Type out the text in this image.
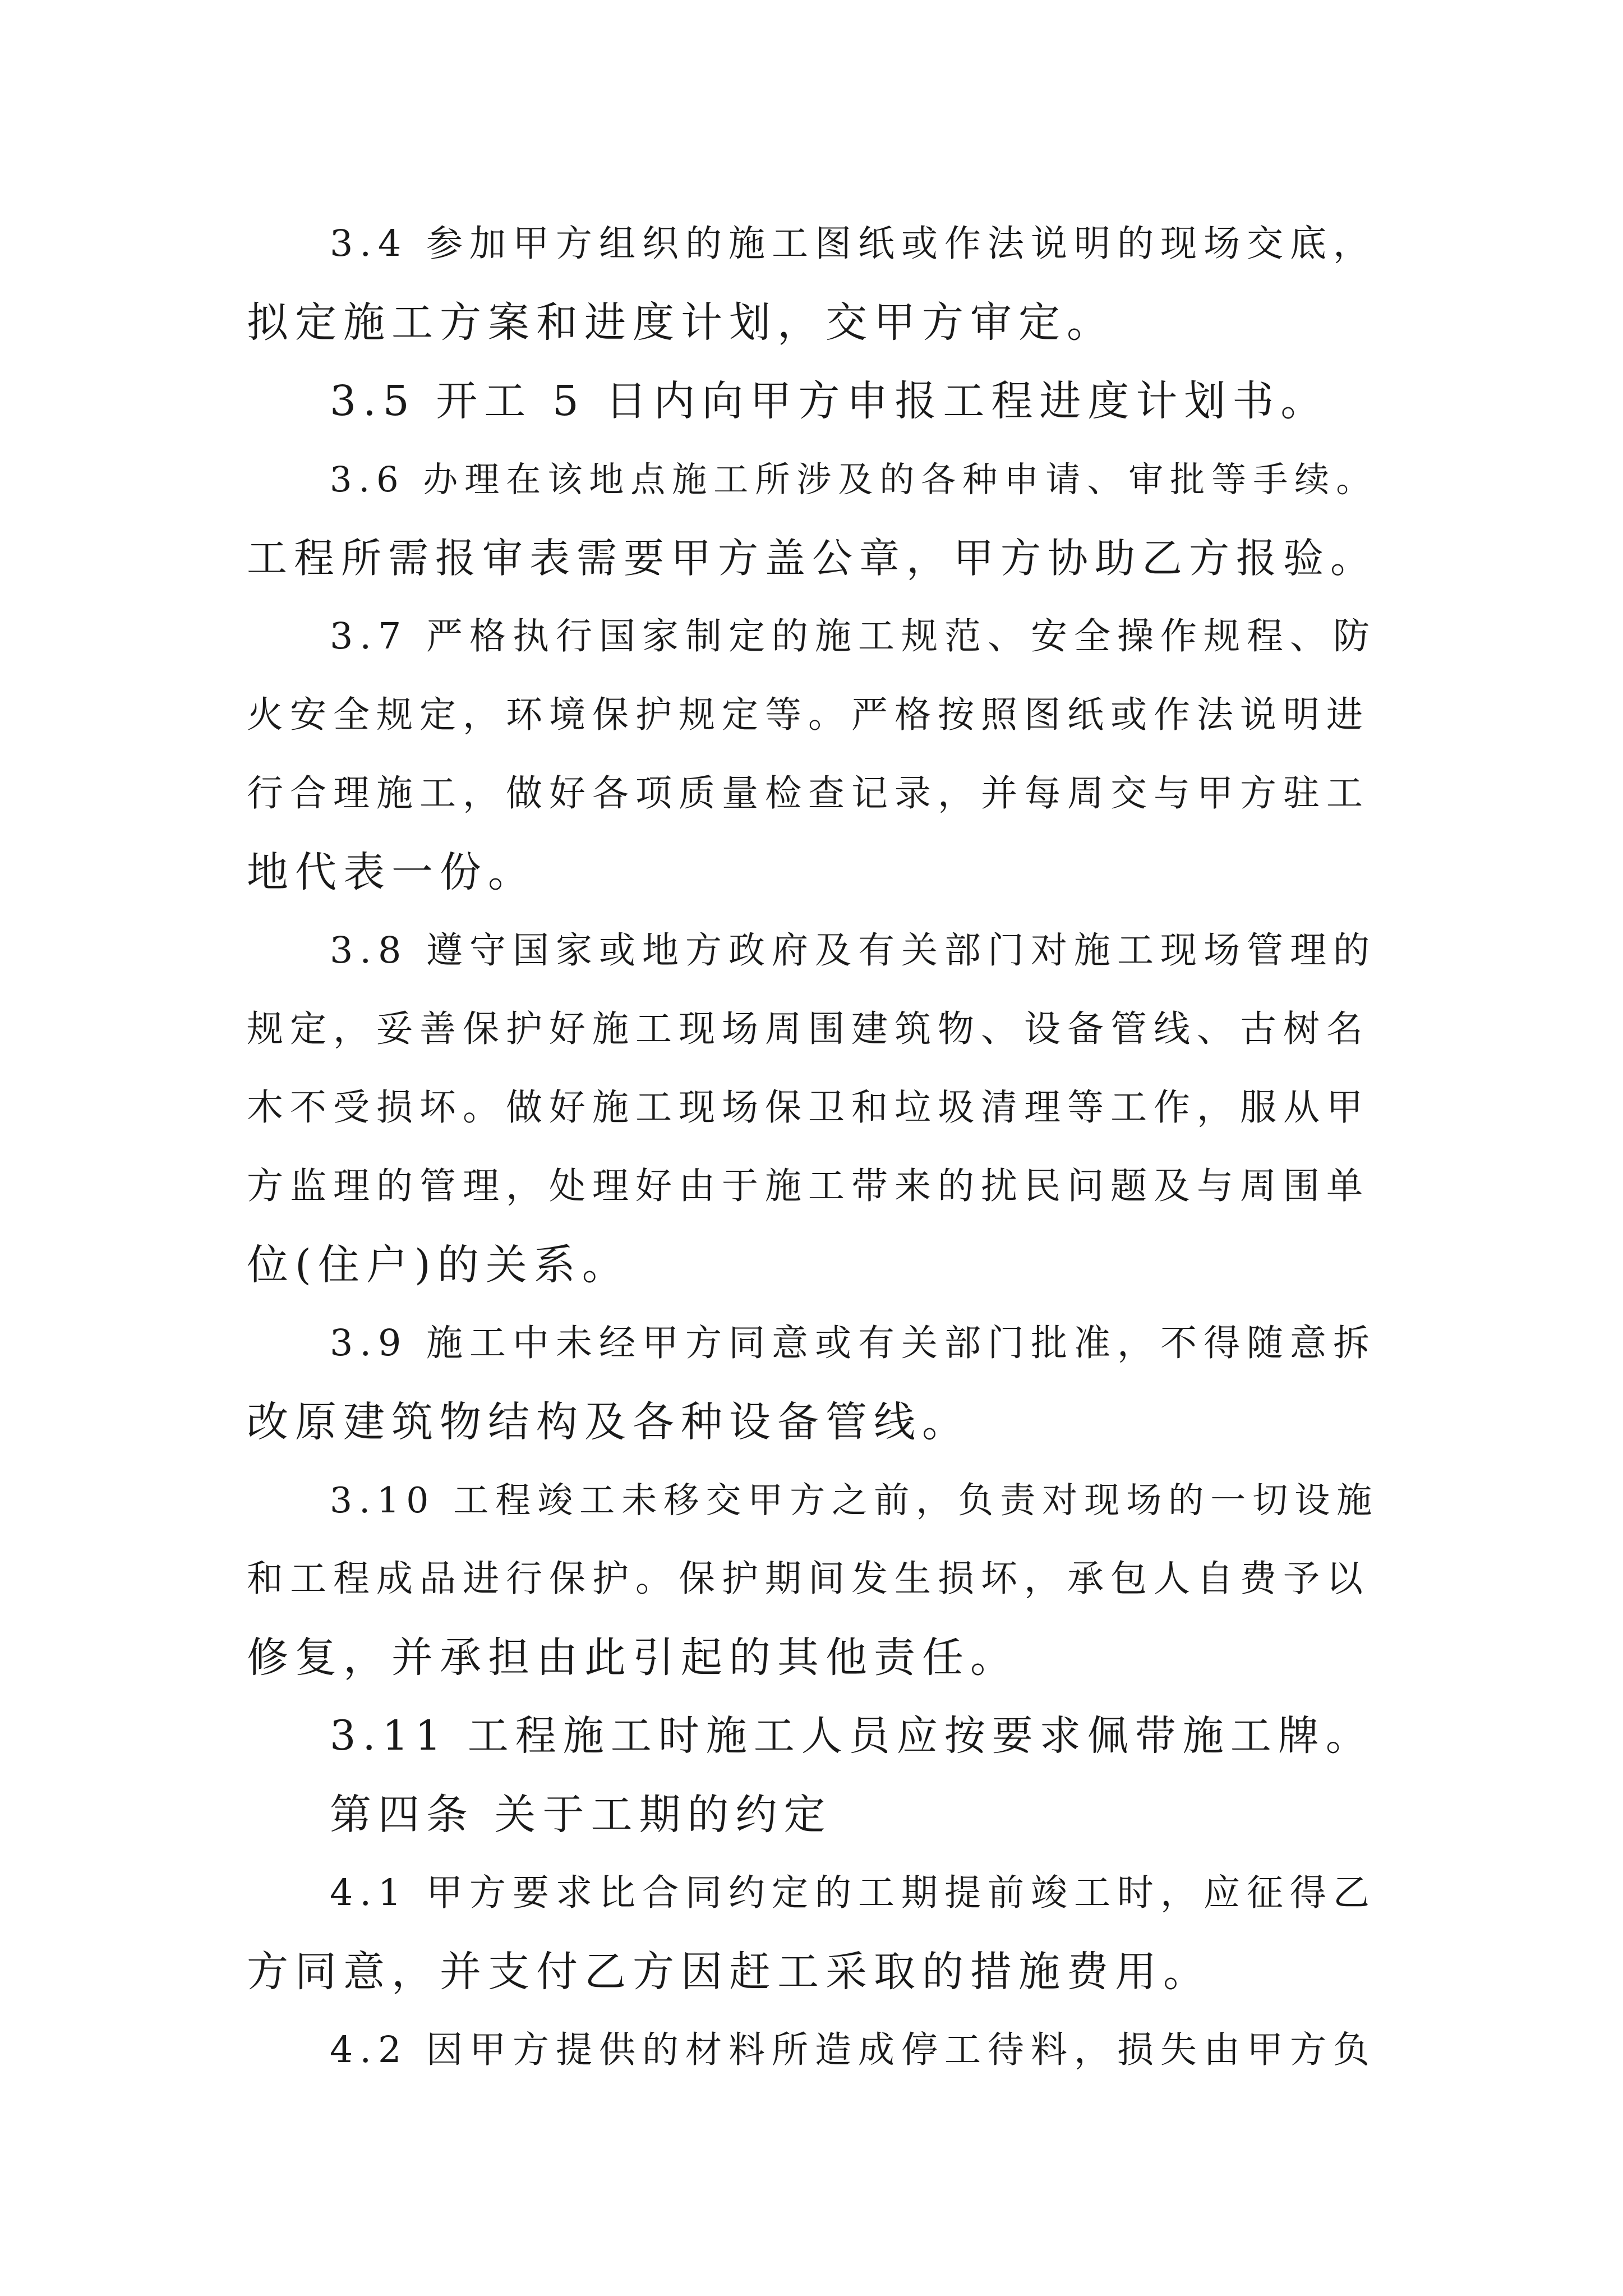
3.4 参加甲方组织的施工图纸或作法说明的现场交底，
拟定施工方案和进度计划，交甲方审定。
3.5 开工 5 日内向甲方申报工程进度计划书。
3.6 办理在该地点施工所涉及的各种申请、审批等手续。
工程所需报审表需要甲方盖公章，甲方协助乙方报验。
3.7 严格执行国家制定的施工规范、安全操作规程、防
火安全规定，环境保护规定等。严格按照图纸或作法说明进
行合理施工，做好各项质量检查记录，并每周交与甲方驻工
地代表一份。
3.8 遵守国家或地方政府及有关部门对施工现场管理的
规定，妥善保护好施工现场周围建筑物、设备管线、古树名
木不受损坏。做好施工现场保卫和垃圾清理等工作，服从甲
方监理的管理，处理好由于施工带来的扰民问题及与周围单
位(住户)的关系。
3.9 施工中未经甲方同意或有关部门批准，不得随意拆
改原建筑物结构及各种设备管线。
3.10 工程竣工未移交甲方之前，负责对现场的一切设施
和工程成品进行保护。保护期间发生损坏，承包人自费予以
修复，并承担由此引起的其他责任。
3.11 工程施工时施工人员应按要求佩带施工牌。
第四条 关于工期的约定
4.1 甲方要求比合同约定的工期提前竣工时，应征得乙
方同意，并支付乙方因赶工采取的措施费用。
4.2 因甲方提供的材料所造成停工待料，损失由甲方负
